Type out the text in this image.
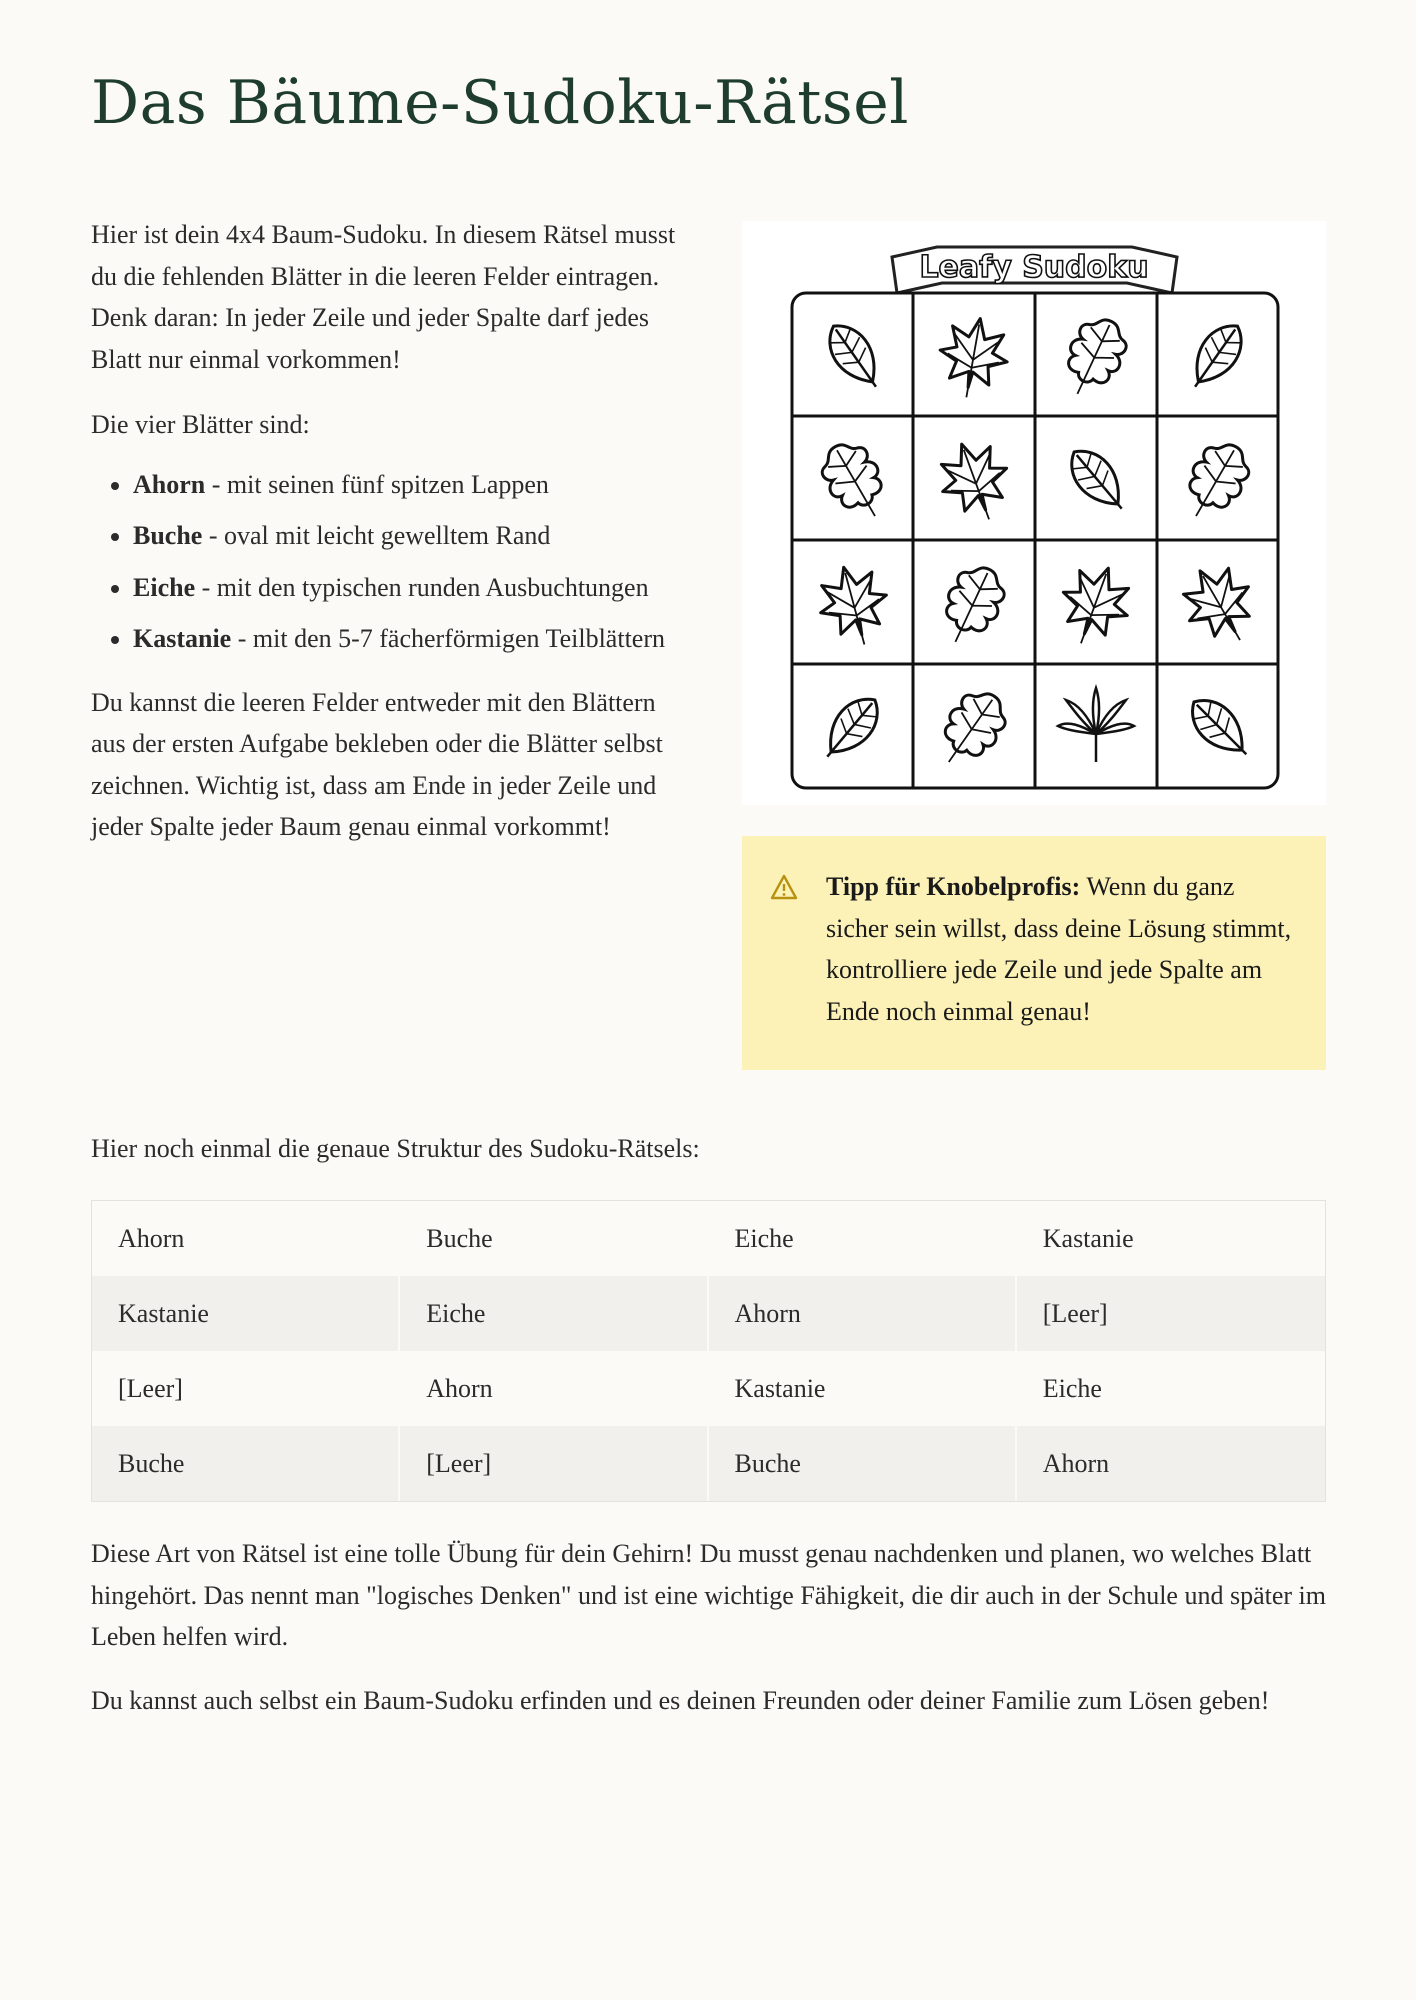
Das Bäume-Sudoku-Rätsel

Hier ist dein 4x4 Baum-Sudoku. In diesem Rätsel musst du die fehlenden Blätter in die leeren Felder eintragen. Denk daran: In jeder Zeile und jeder Spalte darf jedes Blatt nur einmal vorkommen!

Die vier Blätter sind:

• Ahorn - mit seinen fünf spitzen Lappen
• Buche - oval mit leicht gewelltem Rand
• Eiche - mit den typischen runden Ausbuchtungen
• Kastanie - mit den 5-7 fächerförmigen Teilblättern

Du kannst die leeren Felder entweder mit den Blättern aus der ersten Aufgabe bekleben oder die Blätter selbst zeichnen. Wichtig ist, dass am Ende in jeder Zeile und jeder Spalte jeder Baum genau einmal vorkommt!

Leafy Sudoku
Tipp für Knobelprofis: Wenn du ganz sicher sein willst, dass deine Lösung stimmt, kontrolliere jede Zeile und jede Spalte am Ende noch einmal genau!

Hier noch einmal die genaue Struktur des Sudoku-Rätsels:

Ahorn	Buche	Eiche	Kastanie
Kastanie	Eiche	Ahorn	[Leer]
[Leer]	Ahorn	Kastanie	Eiche
Buche	[Leer]	Buche	Ahorn

Diese Art von Rätsel ist eine tolle Übung für dein Gehirn! Du musst genau nachdenken und planen, wo welches Blatt hingehört. Das nennt man "logisches Denken" und ist eine wichtige Fähigkeit, die dir auch in der Schule und später im Leben helfen wird.

Du kannst auch selbst ein Baum-Sudoku erfinden und es deinen Freunden oder deiner Familie zum Lösen geben!
